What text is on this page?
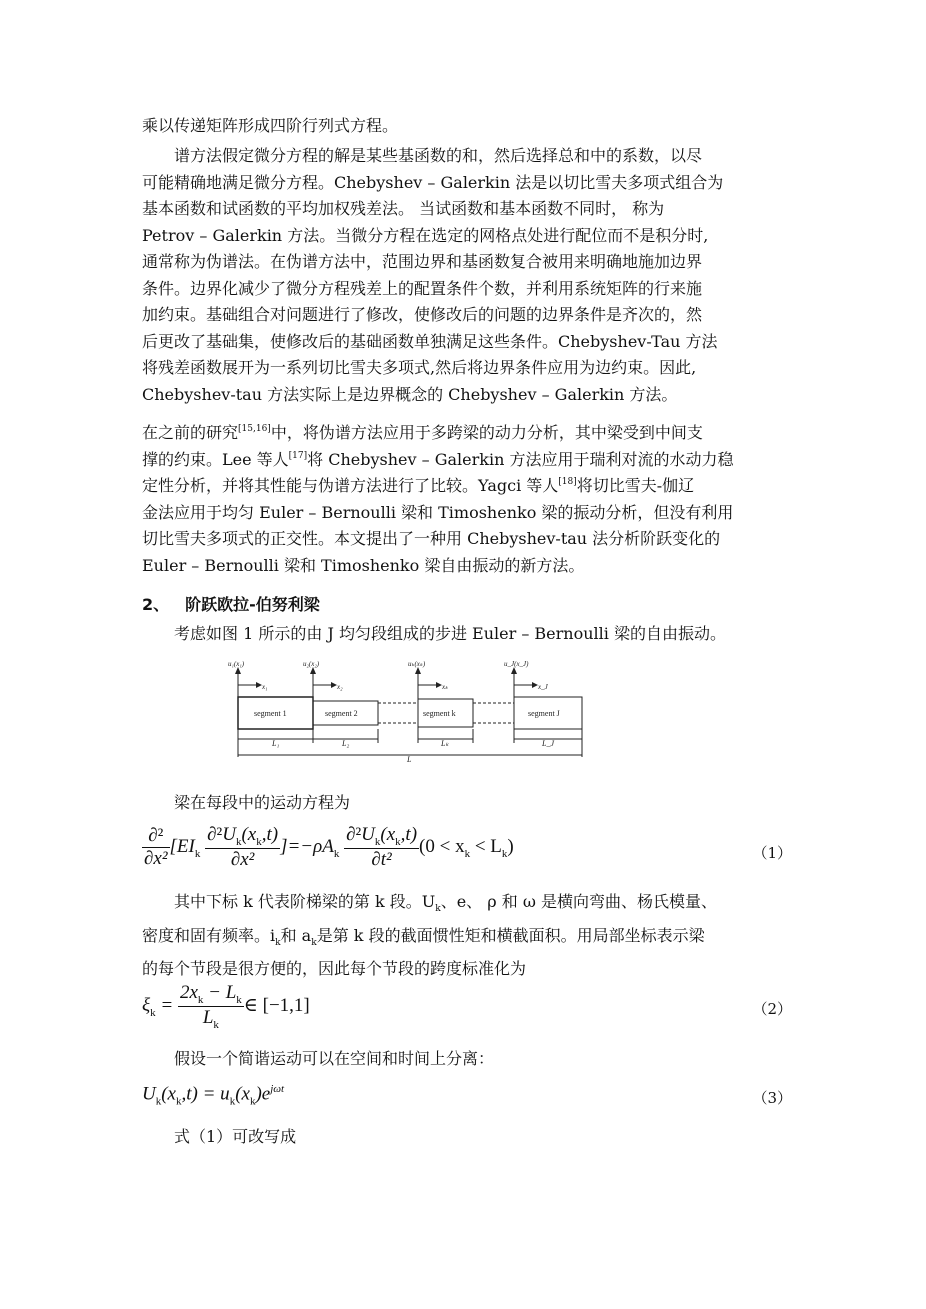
乘以传递矩阵形成四阶行列式方程。

谱方法假定微分方程的解是某些基函数的和，然后选择总和中的系数，以尽
可能精确地满足微分方程。Chebyshev – Galerkin 法是以切比雪夫多项式组合为
基本函数和试函数的平均加权残差法。 当试函数和基本函数不同时， 称为
Petrov – Galerkin 方法。当微分方程在选定的网格点处进行配位而不是积分时,
通常称为伪谱法。在伪谱方法中，范围边界和基函数复合被用来明确地施加边界
条件。边界化减少了微分方程残差上的配置条件个数，并利用系统矩阵的行来施
加约束。基础组合对问题进行了修改，使修改后的问题的边界条件是齐次的，然
后更改了基础集，使修改后的基础函数单独满足这些条件。Chebyshev-Tau 方法
将残差函数展开为一系列切比雪夫多项式,然后将边界条件应用为边约束。因此,
Chebyshev-tau 方法实际上是边界概念的 Chebyshev – Galerkin 方法。

在之前的研究[15,16]中，将伪谱方法应用于多跨梁的动力分析，其中梁受到中间支
撑的约束。Lee 等人[17]将 Chebyshev – Galerkin 方法应用于瑞利对流的水动力稳
定性分析，并将其性能与伪谱方法进行了比较。Yagci 等人[18]将切比雪夫-伽辽
金法应用于均匀 Euler – Bernoulli 梁和 Timoshenko 梁的振动分析，但没有利用
切比雪夫多项式的正交性。本文提出了一种用 Chebyshev-tau 法分析阶跃变化的
Euler – Bernoulli 梁和 Timoshenko 梁自由振动的新方法。

2、 阶跃欧拉-伯努利梁

考虑如图 1 所示的由 J 均匀段组成的步进 Euler – Bernoulli 梁的自由振动。

segment 1	segment 2	segment k	segment J
L₁	L₂	Lₖ	L_J
L
u₁(x₁)	u₂(x₂)	uₖ(xₖ)	u_J(x_J)
x₁	x₂	xₖ	x_J

梁在每段中的运动方程为

$\frac{\text{∂²}}{\text{∂x²}} [EI_k \frac{\partial^2U_k(x_k,t)}{\text{∂x²}} ]=-\rho A_k \frac{\partial^2U_k(x_k,t)}{\text{∂t²}} (0 < x_k < L_k)$	（1）

其中下标 k 代表阶梯梁的第 k 段。$U_k$、e、 ρ 和 ω 是横向弯曲、杨氏模量、
密度和固有频率。$i_k$和 $a_k$是第 k 段的截面惯性矩和横截面积。用局部坐标表示梁
的每个节段是很方便的，因此每个节段的跨度标准化为

$\xi_k = \frac{2x_k - L_k}{L_k}$ ∈ [−1,1]	（2）

假设一个简谐运动可以在空间和时间上分离：

$U_k(x_k,t) = u_k(x_k)e^{j\omega t}$	（3）

式（1）可改写成
